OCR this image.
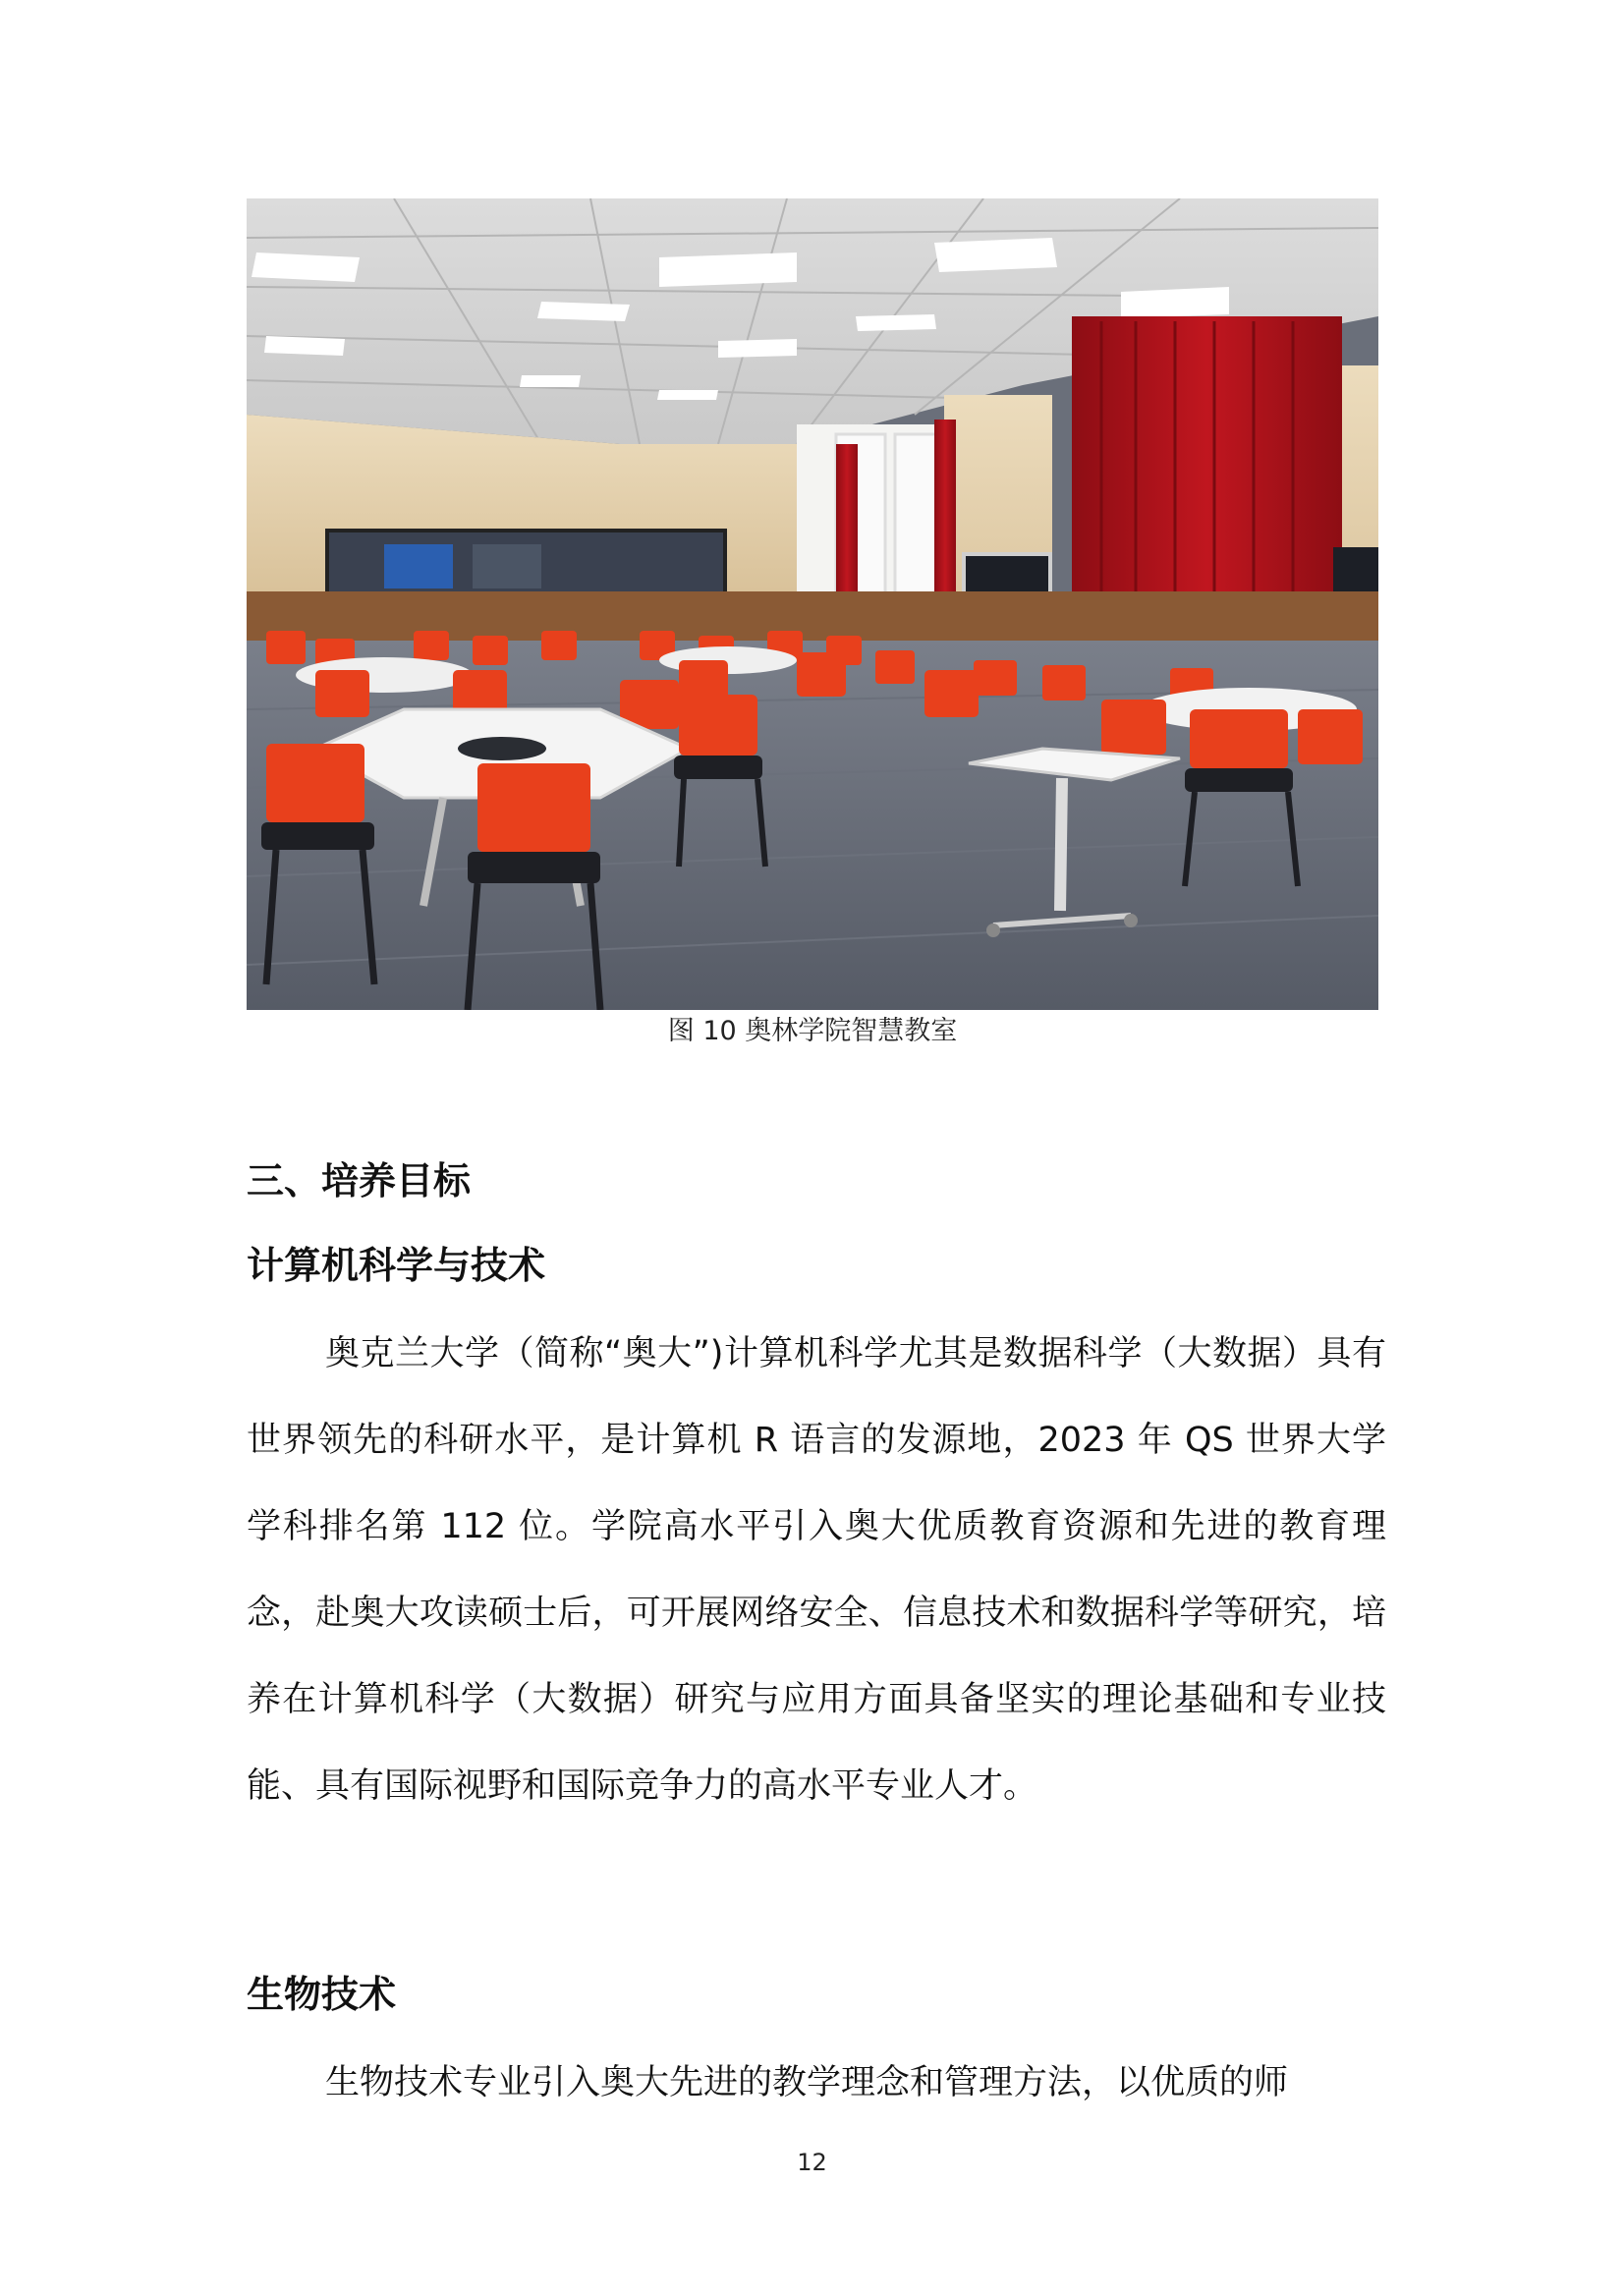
图 10 奥林学院智慧教室
三、培养目标
计算机科学与技术

奥克兰大学（简称“奥大”)计算机科学尤其是数据科学（大数据）具有世界领先的科研水平，是计算机 R 语言的发源地，2023 年 QS 世界大学学科排名第 112 位。学院高水平引入奥大优质教育资源和先进的教育理念，赴奥大攻读硕士后，可开展网络安全、信息技术和数据科学等研究，培养在计算机科学（大数据）研究与应用方面具备坚实的理论基础和专业技能、具有国际视野和国际竞争力的高水平专业人才。

生物技术

生物技术专业引入奥大先进的教学理念和管理方法，以优质的师

12
